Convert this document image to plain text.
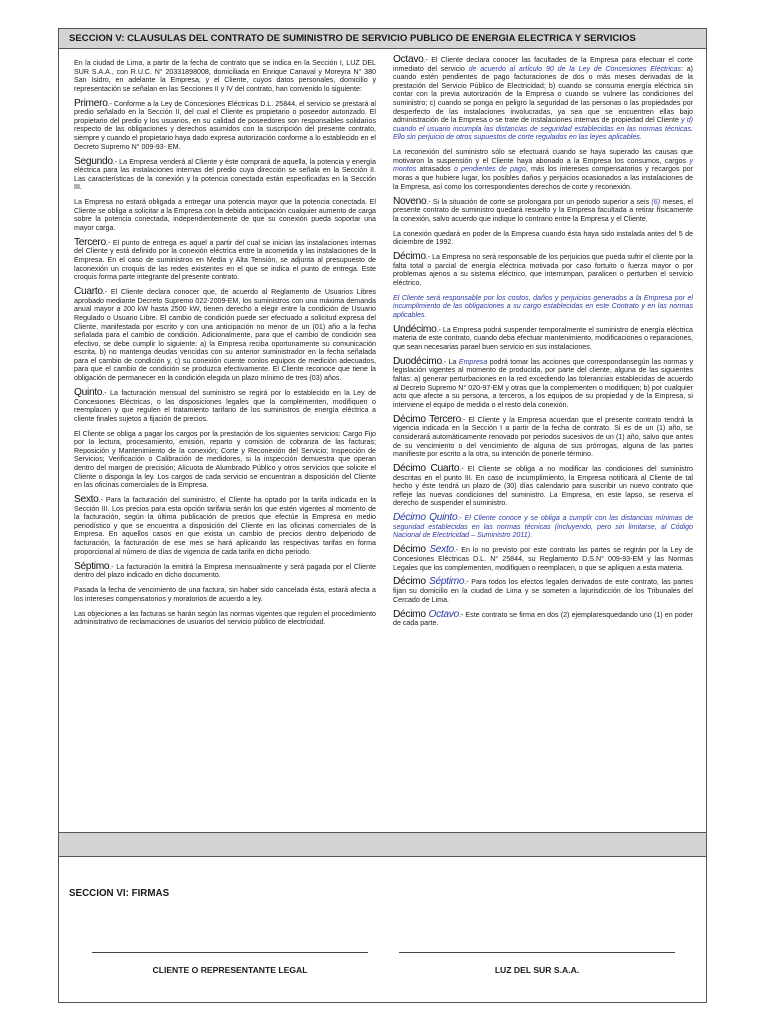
SECCION V: CLAUSULAS DEL CONTRATO DE SUMINISTRO DE SERVICIO PUBLICO DE ENERGIA ELECTRICA Y SERVICIOS

En la ciudad de Lima, a partir de la fecha de contrato que se indica en la Sección I, LUZ DEL SUR S.A.A., con R.U.C. N° 20331898008, domiciliada en Enrique Canaval y Moreyra N° 380 San Isidro, en adelante la Empresa, y el Cliente, cuyos datos personales, domicilio y representación se señalan en las Secciones II y IV del contrato, han convenido lo siguiente:

Primero.- Conforme a la Ley de Concesiones Eléctricas D.L. 25844, el servicio se prestará al predio señalado en la Sección II, del cual el Cliente es propietario o poseedor autorizado. El propietario del predio y los usuarios, en su calidad de poseedores son responsables solidarios respecto de las obligaciones y derechos asumidos con la suscripción del presente contrato, siempre y cuando el propietario haya dado expresa autorización conforme a lo establecido en el Decreto Supremo N° 009-93- EM.

Segundo.- La Empresa venderá al Cliente y éste comprará de aquella, la potencia y energía eléctrica para las instalaciones internas del predio cuya dirección se señala en la Sección II. Las características de la conexión y la potencia conectada están especificadas en la Sección III.

La Empresa no estará obligada a entregar una potencia mayor que la potencia conectada. El Cliente se obliga a solicitar a la Empresa con la debida anticipación cualquier aumento de carga sobre la potencia conectada, independientemente de que su conexión pueda soportar una mayor carga.

Tercero.- El punto de entrega es aquel a partir del cual se inician las instalaciones internas del Cliente y está definido por la conexión eléctrica entre la acometida y las instalaciones de la Empresa. En el caso de suministros en Media y Alta Tensión, se adjunta al presupuesto de laconexión un croquis de las redes existentes en el que se indica el punto de entrega. Este croquis forma parte integrante del presente contrato.

Cuarto.- El Cliente declara conocer que, de acuerdo al Reglamento de Usuarios Libres aprobado mediante Decreto Supremo 022-2009-EM, los suministros con una máxima demanda anual mayor a 200 kW hasta 2500 kW, tienen derecho a elegir entre la condición de Usuario Regulado o Usuario Libre. El cambio de condición puede ser efectuado a solicitud expresa del Cliente, manifestada por escrito y con una anticipación no menor de un (01) año a la fecha señalada para el cambio de condición. Adicionalmente, para que el cambio de condición sea efectivo, se debe cumplir lo siguiente: a) la Empresa reciba oportunamente su comunicación escrita, b) no mantenga deudas vencidas con su anterior suministrador en la fecha señalada para el cambio de condición y, c) su conexión cuente conlos equipos de medición adecuados, para que el cambio de condición se produzca efectivamente. El Cliente reconoce que tiene la obligación de permanecer en la condición elegida un plazo mínimo de tres (03) años.

Quinto.- La facturación mensual del suministro se regirá por lo establecido en la Ley de Concesiones Eléctricas, o las disposiciones legales que la complementen, modifiquen o reemplacen y que regulen el tratamiento tarifario de los suministros de energía eléctrica a cliente finales sujetos a fijación de precios.

El Cliente se obliga a pagar los cargos por la prestación de los siguientes servicios: Cargo Fijo por la lectura, procesamiento, emisión, reparto y comisión de cobranza de las facturas; Reposición y Mantenimiento de la conexión; Corte y Reconexión del Servicio; Inspección de Servicios; Verificación o Calibración de medidores, si la inspección demuestra que operan dentro del margen de precisión; Alícuota de Alumbrado Público y otros servicios que solicite el Cliente o disponga la ley. Los cargos de cada servicio se encuentran a disposición del Cliente en las oficinas comerciales de la Empresa.

Sexto.- Para la facturación del suministro, el Cliente ha optado por la tarifa indicada en la Sección III. Los precios para esta opción tarifaria serán los que estén vigentes al momento de la facturación, según la última publicación de precios que efectúe la Empresa en medio periodístico y que se encuentra a disposición del Cliente en las oficinas comerciales de la Empresa. En aquellos casos en que exista un cambio de precios dentro delperiodo de facturación, la facturación de ese mes se hará aplicando las respectivas tarifas en forma proporcional al número de días de vigencia de cada tarifa en dicho periodo.

Séptimo.- La facturación la emitirá la Empresa mensualmente y será pagada por el Cliente dentro del plazo indicado en dicho documento.

Pasada la fecha de vencimiento de una factura, sin haber sido cancelada ésta, estará afecta a los intereses compensatorios y moratorios de acuerdo a ley.

Las objeciones a las facturas se harán según las normas vigentes que regulen el procedimiento administrativo de reclamaciones de usuarios del servicio público de electricidad.

Octavo.- El Cliente declara conocer las facultades de la Empresa para efectuar el corte inmediato del servicio de acuerdo al artículo 90 de la Ley de Concesiones Eléctricas: a) cuando estén pendientes de pago facturaciones de dos o más meses derivadas de la prestación del Servicio Público de Electricidad; b) cuando se consuma energía eléctrica sin contar con la previa autorización de la Empresa o cuando se vulnere las condiciones del suministro; c) cuando se ponga en peligro la seguridad de las personas o las propiedades por desperfecto de las instalaciones involucradas, ya sea que se encuentren ellas bajo administración de la Empresa o se trate de instalaciones internas de propiedad del Cliente y d) cuando el usuario incumpla las distancias de seguridad establecidas en las normas técnicas. Ello sin perjuicio de otros supuestos de corte regulados en las leyes aplicables.

La reconexión del suministro sólo se efectuará cuando se haya superado las causas que motivaron la suspensión y el Cliente haya abonado a la Empresa los consumos, cargos y montos atrasados o pendientes de pago, más los intereses compensatorios y recargos por moras a que hubiere lugar, los posibles daños y perjuicios ocasionados a las instalaciones de la Empresa, así como los correspondientes derechos de corte y reconexión.

Noveno.- Si la situación de corte se prolongara por un periodo superior a seis (6) meses, el presente contrato de suministro quedará resuelto y la Empresa facultada a retirar físicamente la conexión, salvo acuerdo que indique lo contrario entre la Empresa y el Cliente.

La conexión quedará en poder de la Empresa cuando ésta haya sido instalada antes del 5 de diciembre de 1992.

Décimo.- La Empresa no será responsable de los perjuicios que pueda sufrir el cliente por la falta total o parcial de energía eléctrica motivada por caso fortuito o fuerza mayor o por problemas ajenos a su sistema eléctrico, que interrumpan, paralicen o perturben el servicio eléctrico.

El Cliente será responsable por los costos, daños y perjuicios generados a la Empresa por el incumplimiento de las obligaciones a su cargo establecidas en este Contrato y en las normas aplicables.

Undécimo.- La Empresa podrá suspender temporalmente el suministro de energía eléctrica materia de este contrato, cuando deba efectuar mantenimiento, modificaciones o reparaciones, que sean necesarias parael buen servicio en sus instalaciones.

Duodécimo.- La Empresa podrá tomar las acciones que correspondansegún las normas y legislación vigentes al momento de producida, por parte del cliente, alguna de las siguientes faltas: a) generar perturbaciones en la red excediendo las tolerancias establecidas de acuerdo al Decreto Supremo N° 020-97-EM y otras que la complementen o modifiquen; b) por cualquier acto que afecte a su persona, a terceros, a los equipos de su propiedad y de la Empresa, si interviene el equipo de medida o el resto dela conexión.

Décimo Tercero.- El Cliente y la Empresa acuerdan que el presente contrato tendrá la vigencia indicada en la Sección I a partir de la fecha de contrato. Si es de un (1) año, se considerará automáticamente renovado por periodos sucesivos de un (1) año, salvo que antes de su vencimiento o del vencimiento de alguna de sus prórrogas, alguna de las partes manifieste por escrito a la otra, su intención de ponerle término.

Décimo Cuarto.- El Cliente se obliga a no modificar las condiciones del suministro descritas en el punto III. En caso de incumplimiento, la Empresa notificará al Cliente de tal hecho y éste tendrá un plazo de (30) días calendario para suscribir un nuevo contrato que refleje las nuevas condiciones del suministro. La Empresa, en este lapso, se reserva el derecho de suspender el suministro.

Décimo Quinto.- El Cliente conoce y se obliga a cumplir con las distancias mínimas de seguridad establecidas en las normas técnicas (incluyendo, pero sin limitarse, al Código Nacional de Electricidad – Suministro 2011).

Décimo Sexto.- En lo no previsto por este contrato las partes se regirán por la Ley de Concesiones Eléctricas D.L. N° 25844, su Reglamento D.S.N° 009-93-EM y las Normas Legales que los complementen, modifiquen o reemplacen, o que se apliquen a esta materia.

Décimo Séptimo.- Para todos los efectos legales derivados de este contrato, las partes fijan su domicilio en la ciudad de Lima y se someten a lajurisdicción de los Tribunales del Cercado de Lima.

Décimo Octavo.- Este contrato se firma en dos (2) ejemplaresquedando uno (1) en poder de cada parte.

SECCION VI: FIRMAS
CLIENTE O REPRESENTANTE LEGAL	LUZ DEL SUR S.A.A.
